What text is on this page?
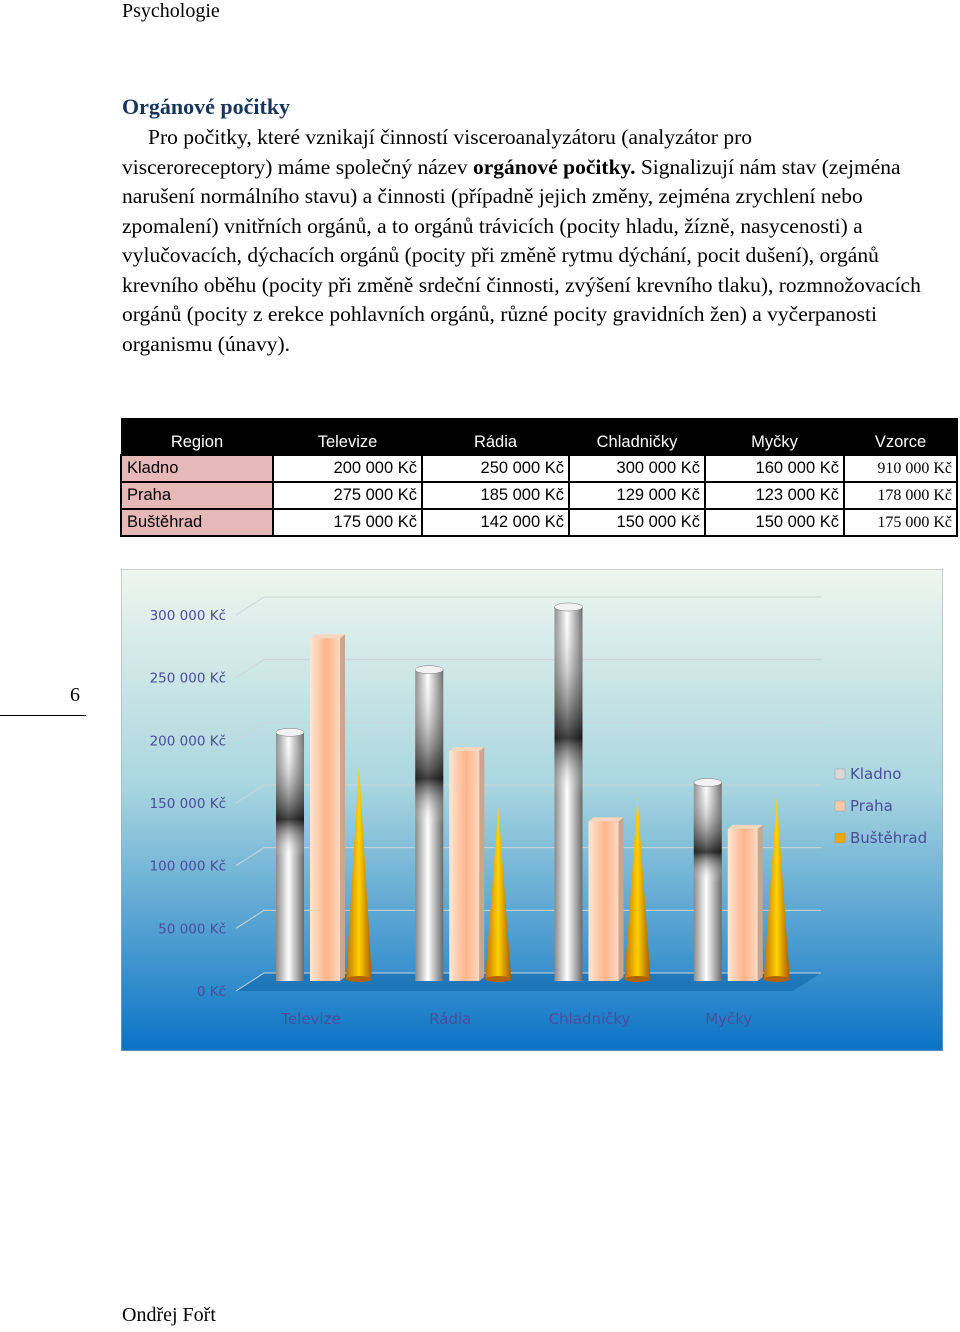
Psychologie
Orgánové počitky
Pro počitky, které vznikají činností visceroanalyzátoru (analyzátor pro
visceroreceptory) máme společný název orgánové počitky. Signalizují nám stav (zejména narušení normálního stavu) a činnosti (případně jejich změny, zejména zrychlení nebo zpomalení) vnitřních orgánů, a to orgánů trávicích (pocity hladu, žízně, nasycenosti) a vylučovacích, dýchacích orgánů (pocity při změně rytmu dýchání, pocit dušení), orgánů krevního oběhu (pocity při změně srdeční činnosti, zvýšení krevního tlaku), rozmnožovacích orgánů (pocity z erekce pohlavních orgánů, různé pocity gravidních žen) a vyčerpanosti organismu (únavy).
Region	Televize	Rádia	Chladničky	Myčky	Vzorce
Kladno	200 000 Kč	250 000 Kč	300 000 Kč	160 000 Kč	910 000 Kč
Praha	275 000 Kč	185 000 Kč	129 000 Kč	123 000 Kč	178 000 Kč
Buštěhrad	175 000 Kč	142 000 Kč	150 000 Kč	150 000 Kč	175 000 Kč
0 Kč
50 000 Kč
100 000 Kč
150 000 Kč
200 000 Kč
250 000 Kč
300 000 Kč
Televize	Rádia	Chladničky	Myčky
Kladno
Praha
Buštěhrad
6
Ondřej Fořt
